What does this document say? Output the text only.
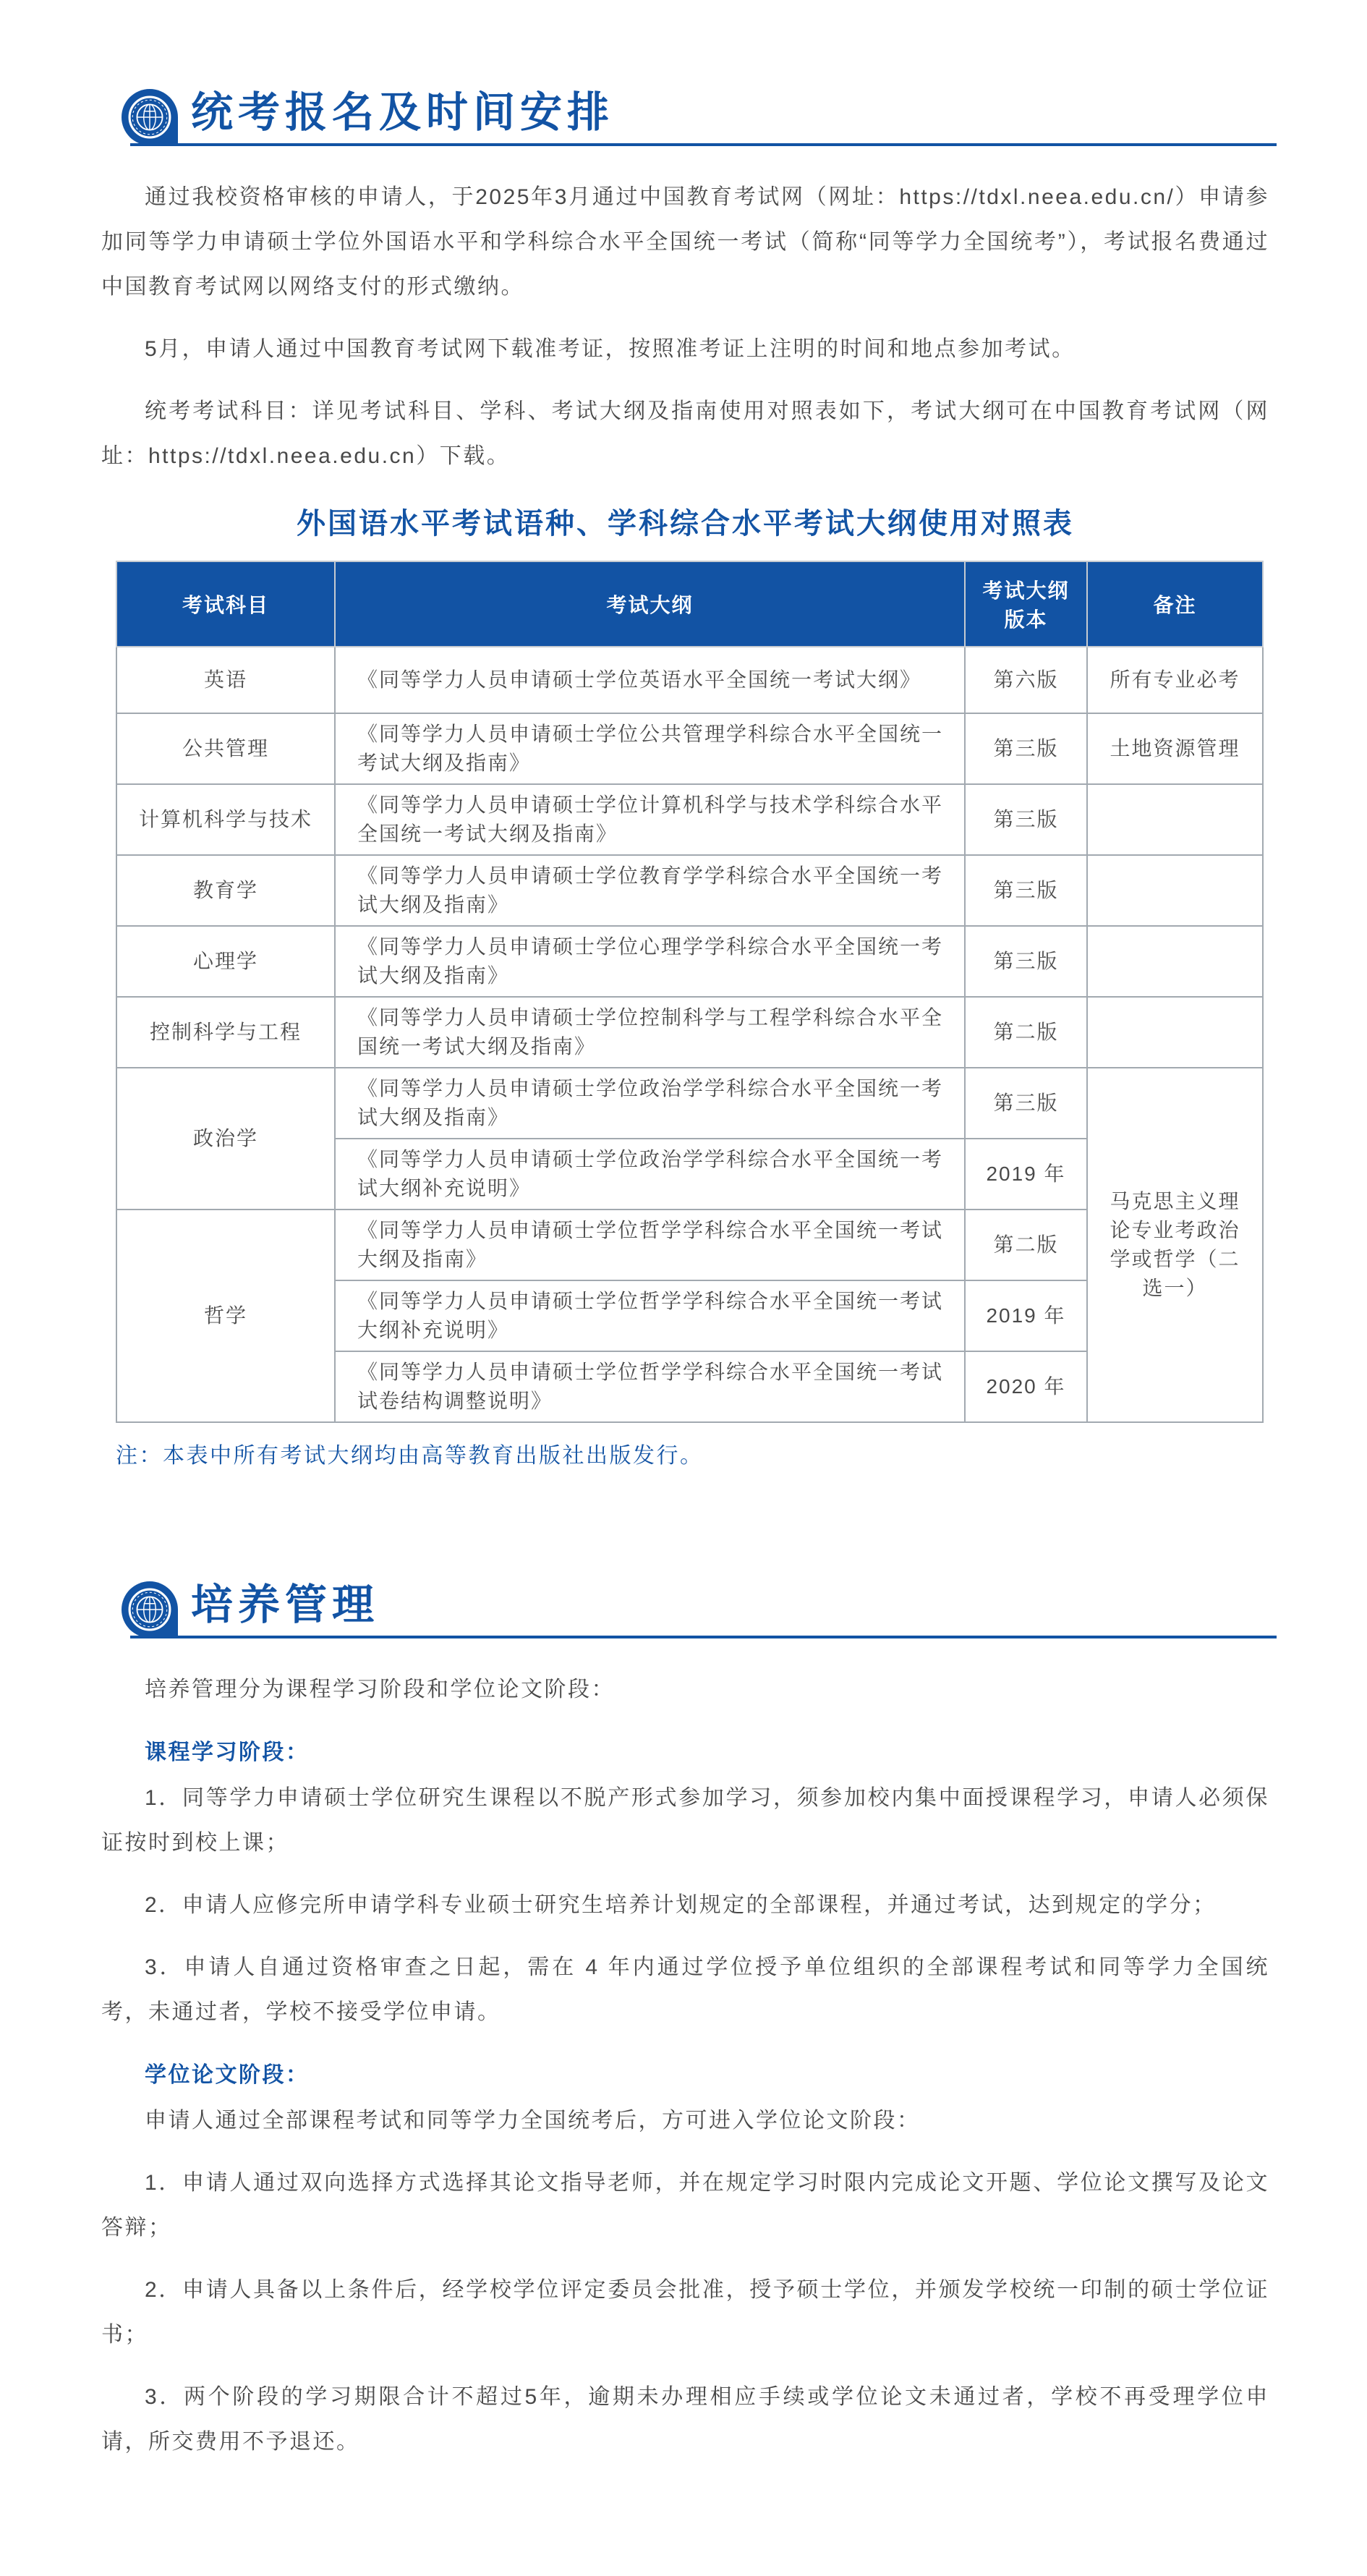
统考报名及时间安排

通过我校资格审核的申请人，于2025年3月通过中国教育考试网（网址：https://tdxl.neea.edu.cn/）申请参加同等学力申请硕士学位外国语水平和学科综合水平全国统一考试（简称“同等学力全国统考”），考试报名费通过中国教育考试网以网络支付的形式缴纳。

5月，申请人通过中国教育考试网下载准考证，按照准考证上注明的时间和地点参加考试。

统考考试科目：详见考试科目、学科、考试大纲及指南使用对照表如下，考试大纲可在中国教育考试网（网址：https://tdxl.neea.edu.cn）下载。

外国语水平考试语种、学科综合水平考试大纲使用对照表
考试科目	考试大纲	考试大纲版本	备注
英语	《同等学力人员申请硕士学位英语水平全国统一考试大纲》	第六版	所有专业必考
公共管理	《同等学力人员申请硕士学位公共管理学科综合水平全国统一考试大纲及指南》	第三版	土地资源管理
计算机科学与技术	《同等学力人员申请硕士学位计算机科学与技术学科综合水平全国统一考试大纲及指南》	第三版	
教育学	《同等学力人员申请硕士学位教育学学科综合水平全国统一考试大纲及指南》	第三版	
心理学	《同等学力人员申请硕士学位心理学学科综合水平全国统一考试大纲及指南》	第三版	
控制科学与工程	《同等学力人员申请硕士学位控制科学与工程学科综合水平全国统一考试大纲及指南》	第二版	
政治学	《同等学力人员申请硕士学位政治学学科综合水平全国统一考试大纲及指南》	第三版	马克思主义理论专业考政治学或哲学（二选一）
	《同等学力人员申请硕士学位政治学学科综合水平全国统一考试大纲补充说明》	2019 年	
哲学	《同等学力人员申请硕士学位哲学学科综合水平全国统一考试大纲及指南》	第二版	
	《同等学力人员申请硕士学位哲学学科综合水平全国统一考试大纲补充说明》	2019 年	
	《同等学力人员申请硕士学位哲学学科综合水平全国统一考试试卷结构调整说明》	2020 年	
注：本表中所有考试大纲均由高等教育出版社出版发行。
培养管理

培养管理分为课程学习阶段和学位论文阶段：

课程学习阶段：

1．同等学力申请硕士学位研究生课程以不脱产形式参加学习，须参加校内集中面授课程学习，申请人必须保证按时到校上课；

2．申请人应修完所申请学科专业硕士研究生培养计划规定的全部课程，并通过考试，达到规定的学分；

3．申请人自通过资格审查之日起，需在 4 年内通过学位授予单位组织的全部课程考试和同等学力全国统考，未通过者，学校不接受学位申请。

学位论文阶段：

申请人通过全部课程考试和同等学力全国统考后，方可进入学位论文阶段：

1．申请人通过双向选择方式选择其论文指导老师，并在规定学习时限内完成论文开题、学位论文撰写及论文答辩；

2．申请人具备以上条件后，经学校学位评定委员会批准，授予硕士学位，并颁发学校统一印制的硕士学位证书；

3．两个阶段的学习期限合计不超过5年，逾期未办理相应手续或学位论文未通过者，学校不再受理学位申请，所交费用不予退还。
